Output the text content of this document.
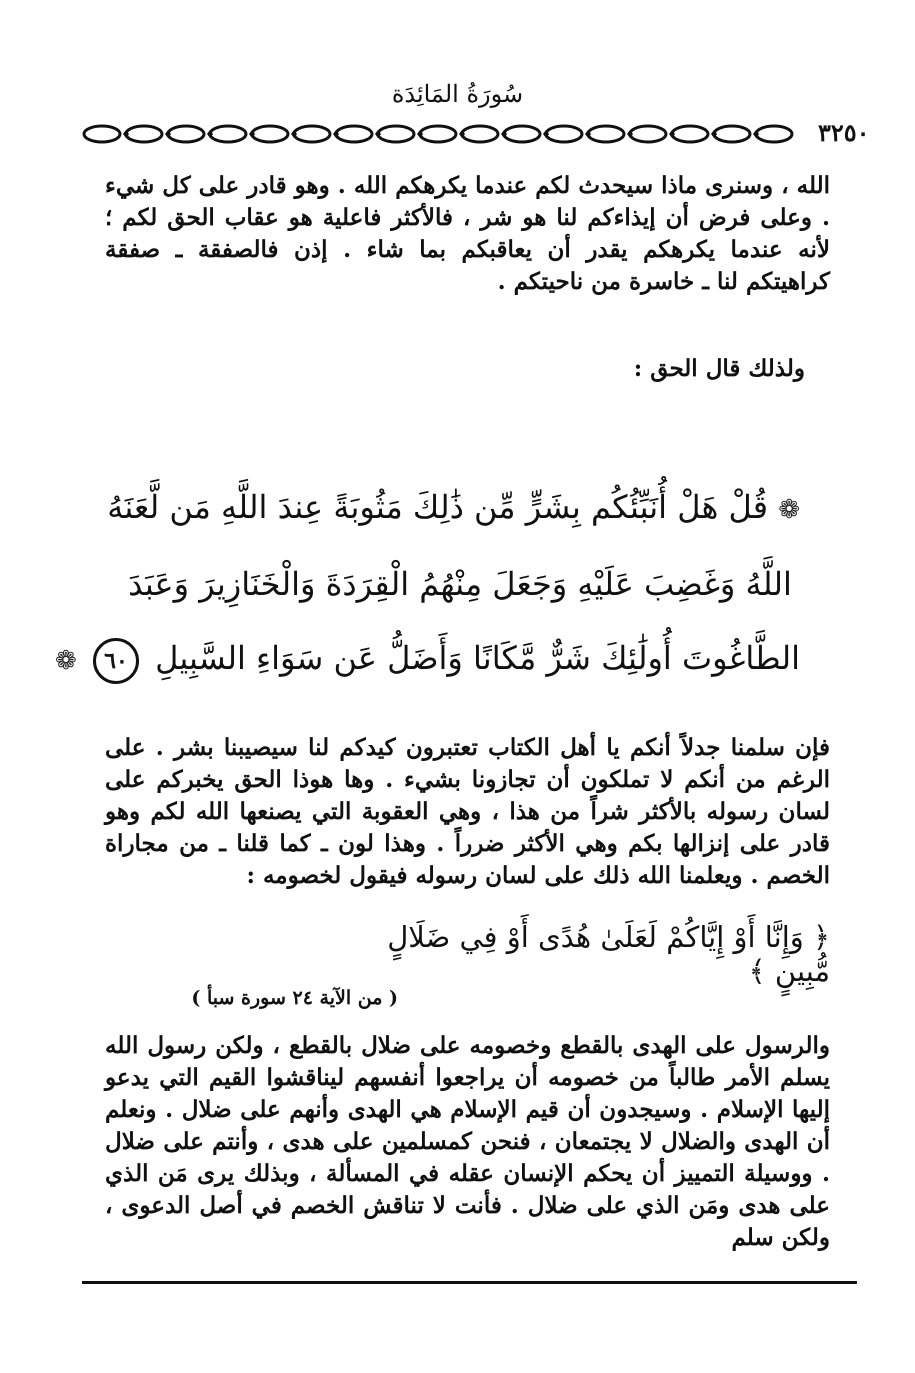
سُورَةُ المَائِدَة
٣٢٥٠
الله ، وسنرى ماذا سيحدث لكم عندما يكرهكم الله . وهو قادر على كل شيء . وعلى فرض أن إيذاءكم لنا هو شر ، فالأكثر فاعلية هو عقاب الحق لكم ؛ لأنه عندما يكرهكم يقدر أن يعاقبكم بما شاء . إذن فالصفقة ـ صفقة كراهيتكم لنا ـ خاسرة من ناحيتكم .
ولذلك قال الحق :
❁ قُلْ هَلْ أُنَبِّئُكُم بِشَرٍّ مِّن ذَٰلِكَ مَثُوبَةً عِندَ اللَّهِ مَن لَّعَنَهُ
اللَّهُ وَغَضِبَ عَلَيْهِ وَجَعَلَ مِنْهُمُ الْقِرَدَةَ وَالْخَنَازِيرَ وَعَبَدَ
الطَّاغُوتَ أُولَٰئِكَ شَرٌّ مَّكَانًا وَأَضَلُّ عَن سَوَاءِ السَّبِيلِ ٦٠ ❁
فإن سلمنا جدلاً أنكم يا أهل الكتاب تعتبرون كيدكم لنا سيصيبنا بشر . على الرغم من أنكم لا تملكون أن تجازونا بشيء . وها هوذا الحق يخبركم على لسان رسوله بالأكثر شراً من هذا ، وهي العقوبة التي يصنعها الله لكم وهو قادر على إنزالها بكم وهي الأكثر ضرراً . وهذا لون ـ كما قلنا ـ من مجاراة الخصم . ويعلمنا الله ذلك على لسان رسوله فيقول لخصومه :
﴿ وَإِنَّا أَوْ إِيَّاكُمْ لَعَلَىٰ هُدًى أَوْ فِي ضَلَالٍ مُّبِينٍ ﴾
( من الآية ٢٤ سورة سبأ )
والرسول على الهدى بالقطع وخصومه على ضلال بالقطع ، ولكن رسول الله يسلم الأمر طالباً من خصومه أن يراجعوا أنفسهم ليناقشوا القيم التي يدعو إليها الإسلام . وسيجدون أن قيم الإسلام هي الهدى وأنهم على ضلال . ونعلم أن الهدى والضلال لا يجتمعان ، فنحن كمسلمين على هدى ، وأنتم على ضلال . ووسيلة التمييز أن يحكم الإنسان عقله في المسألة ، وبذلك يرى مَن الذي على هدى ومَن الذي على ضلال . فأنت لا تناقش الخصم في أصل الدعوى ، ولكن سلم
